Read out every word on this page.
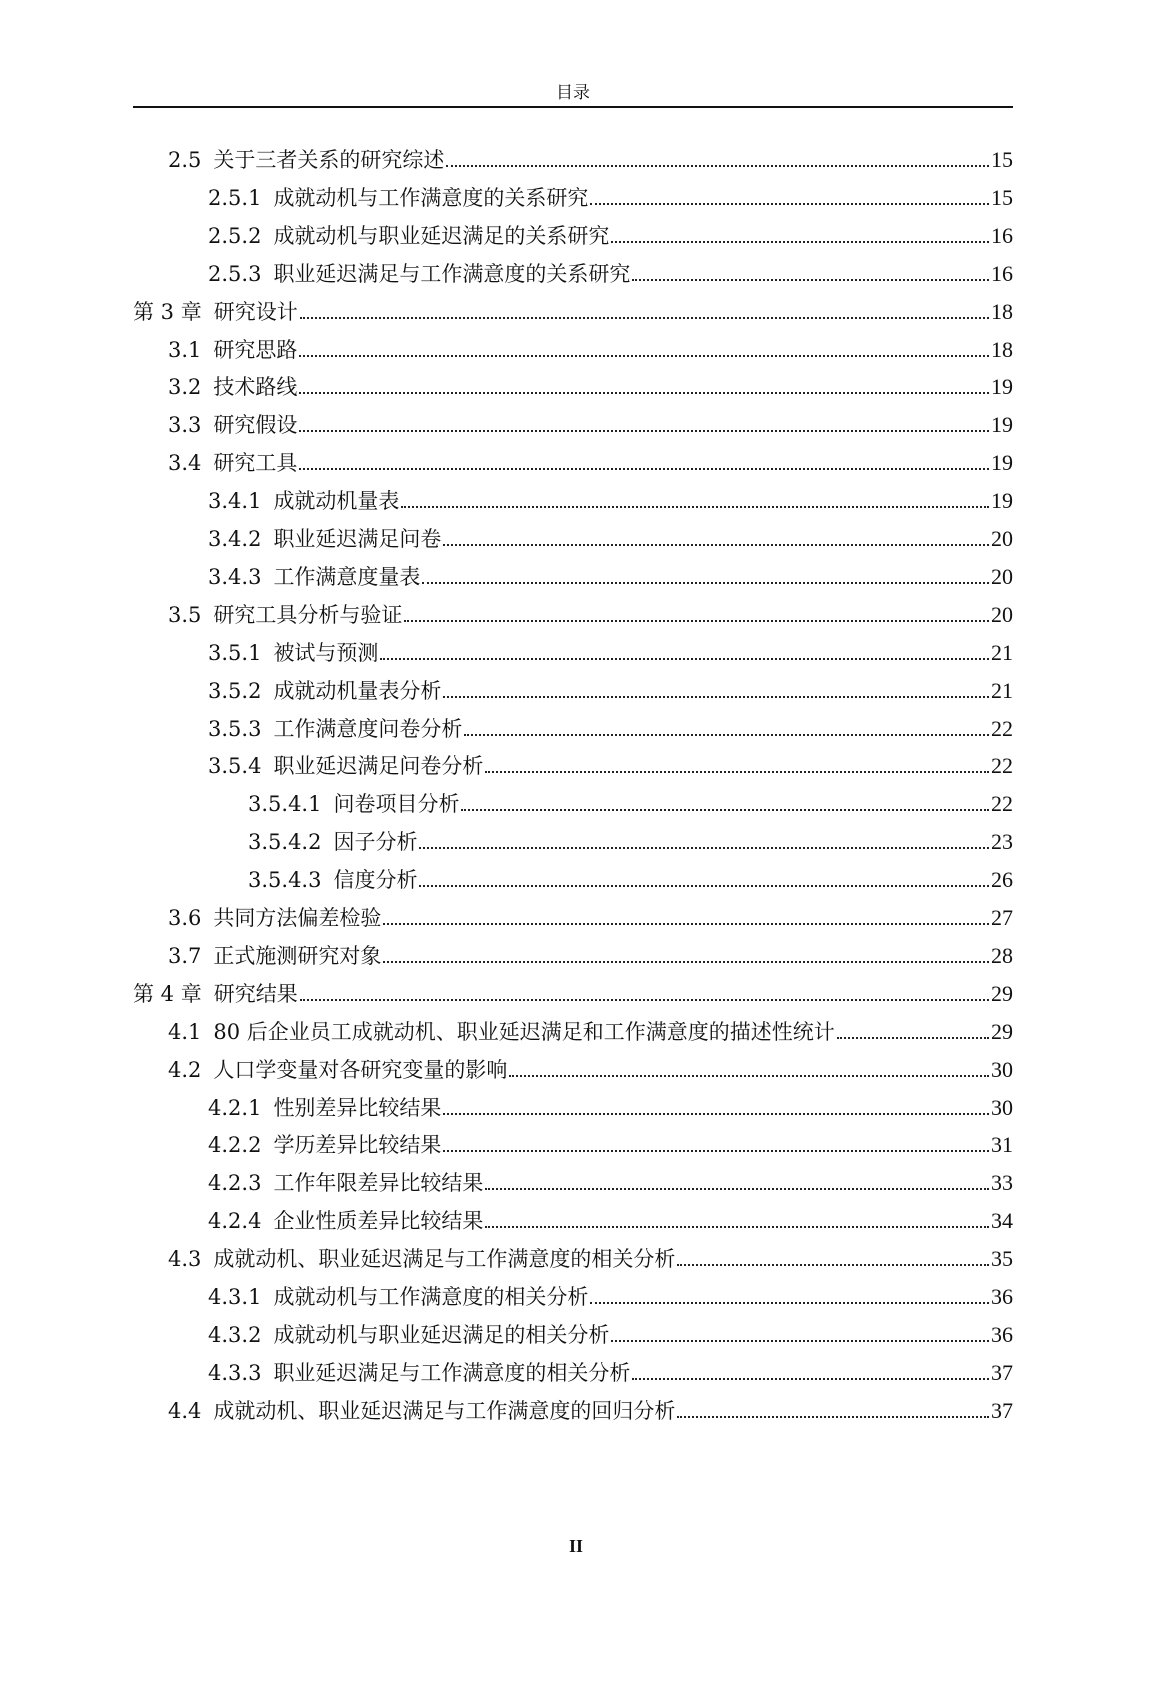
目录
2.5 关于三者关系的研究综述	15
2.5.1 成就动机与工作满意度的关系研究	15
2.5.2 成就动机与职业延迟满足的关系研究	16
2.5.3 职业延迟满足与工作满意度的关系研究	16
第 3 章 研究设计	18
3.1 研究思路	18
3.2 技术路线	19
3.3 研究假设	19
3.4 研究工具	19
3.4.1 成就动机量表	19
3.4.2 职业延迟满足问卷	20
3.4.3 工作满意度量表	20
3.5 研究工具分析与验证	20
3.5.1 被试与预测	21
3.5.2 成就动机量表分析	21
3.5.3 工作满意度问卷分析	22
3.5.4 职业延迟满足问卷分析	22
3.5.4.1 问卷项目分析	22
3.5.4.2 因子分析	23
3.5.4.3 信度分析	26
3.6 共同方法偏差检验	27
3.7 正式施测研究对象	28
第 4 章 研究结果	29
4.1 80 后企业员工成就动机、职业延迟满足和工作满意度的描述性统计	29
4.2 人口学变量对各研究变量的影响	30
4.2.1 性别差异比较结果	30
4.2.2 学历差异比较结果	31
4.2.3 工作年限差异比较结果	33
4.2.4 企业性质差异比较结果	34
4.3 成就动机、职业延迟满足与工作满意度的相关分析	35
4.3.1 成就动机与工作满意度的相关分析	36
4.3.2 成就动机与职业延迟满足的相关分析	36
4.3.3 职业延迟满足与工作满意度的相关分析	37
4.4 成就动机、职业延迟满足与工作满意度的回归分析	37
II
